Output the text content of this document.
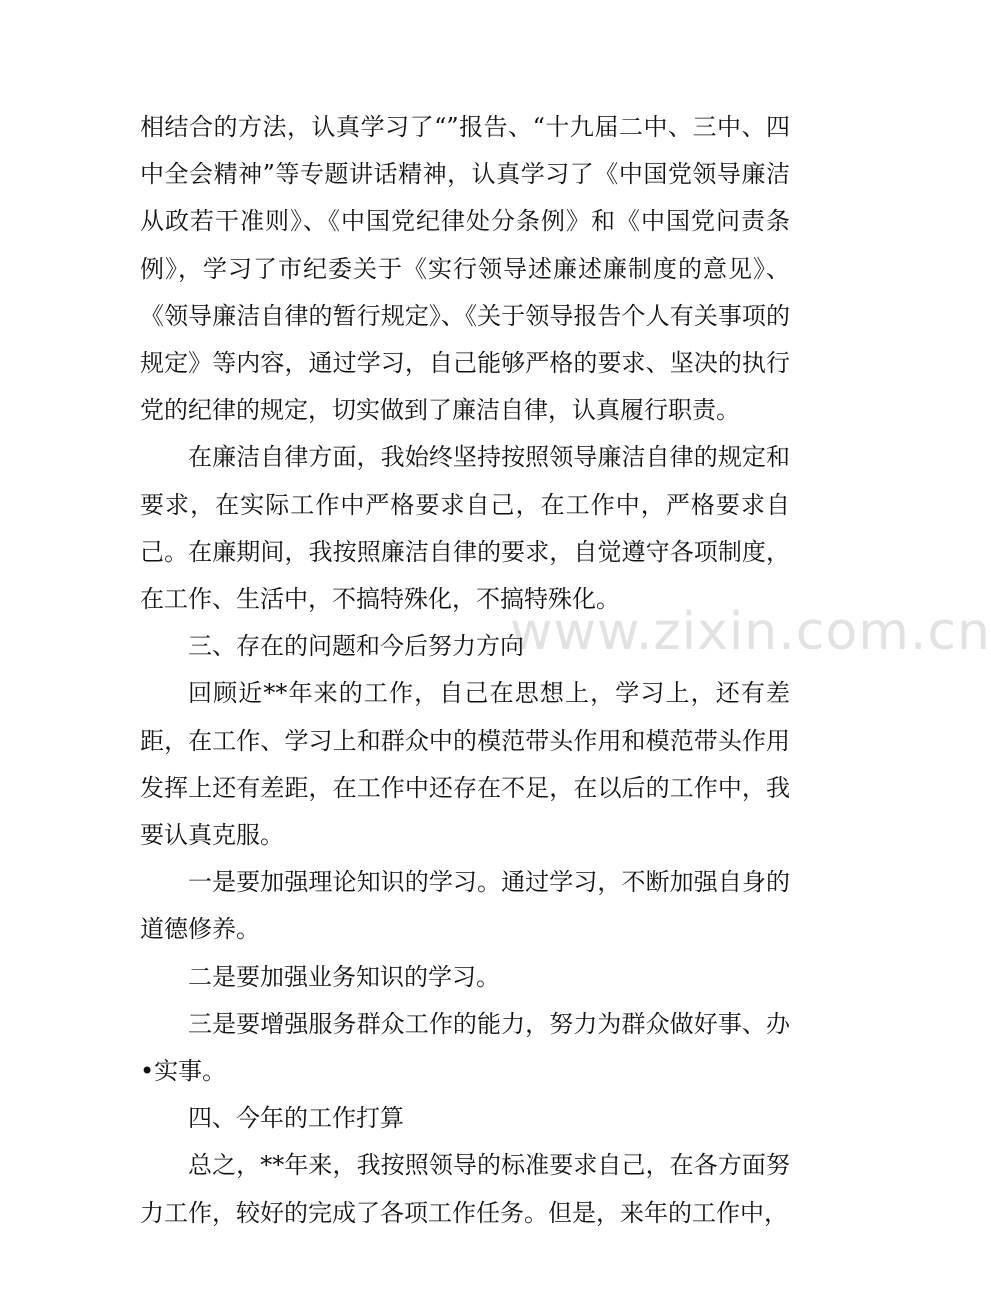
www.zixin.com.cn

相结合的方法，认真学习了“”报告、“十九届二中、三中、四中全会精神”等专题讲话精神，认真学习了《中国党领导廉洁从政若干准则》、《中国党纪律处分条例》和《中国党问责条例》，学习了市纪委关于《实行领导述廉述廉制度的意见》、《领导廉洁自律的暂行规定》、《关于领导报告个人有关事项的规定》等内容，通过学习，自己能够严格的要求、坚决的执行党的纪律的规定，切实做到了廉洁自律，认真履行职责。

在廉洁自律方面，我始终坚持按照领导廉洁自律的规定和要求，在实际工作中严格要求自己，在工作中，严格要求自己。在廉期间，我按照廉洁自律的要求，自觉遵守各项制度，在工作、生活中，不搞特殊化，不搞特殊化。

三、存在的问题和今后努力方向

回顾近**年来的工作，自己在思想上，学习上，还有差距，在工作、学习上和群众中的模范带头作用和模范带头作用发挥上还有差距，在工作中还存在不足，在以后的工作中，我要认真克服。

一是要加强理论知识的学习。通过学习，不断加强自身的道德修养。

二是要加强业务知识的学习。

三是要增强服务群众工作的能力，努力为群众做好事、办•实事。

四、今年的工作打算

总之，**年来，我按照领导的标准要求自己，在各方面努力工作，较好的完成了各项工作任务。但是，来年的工作中，
